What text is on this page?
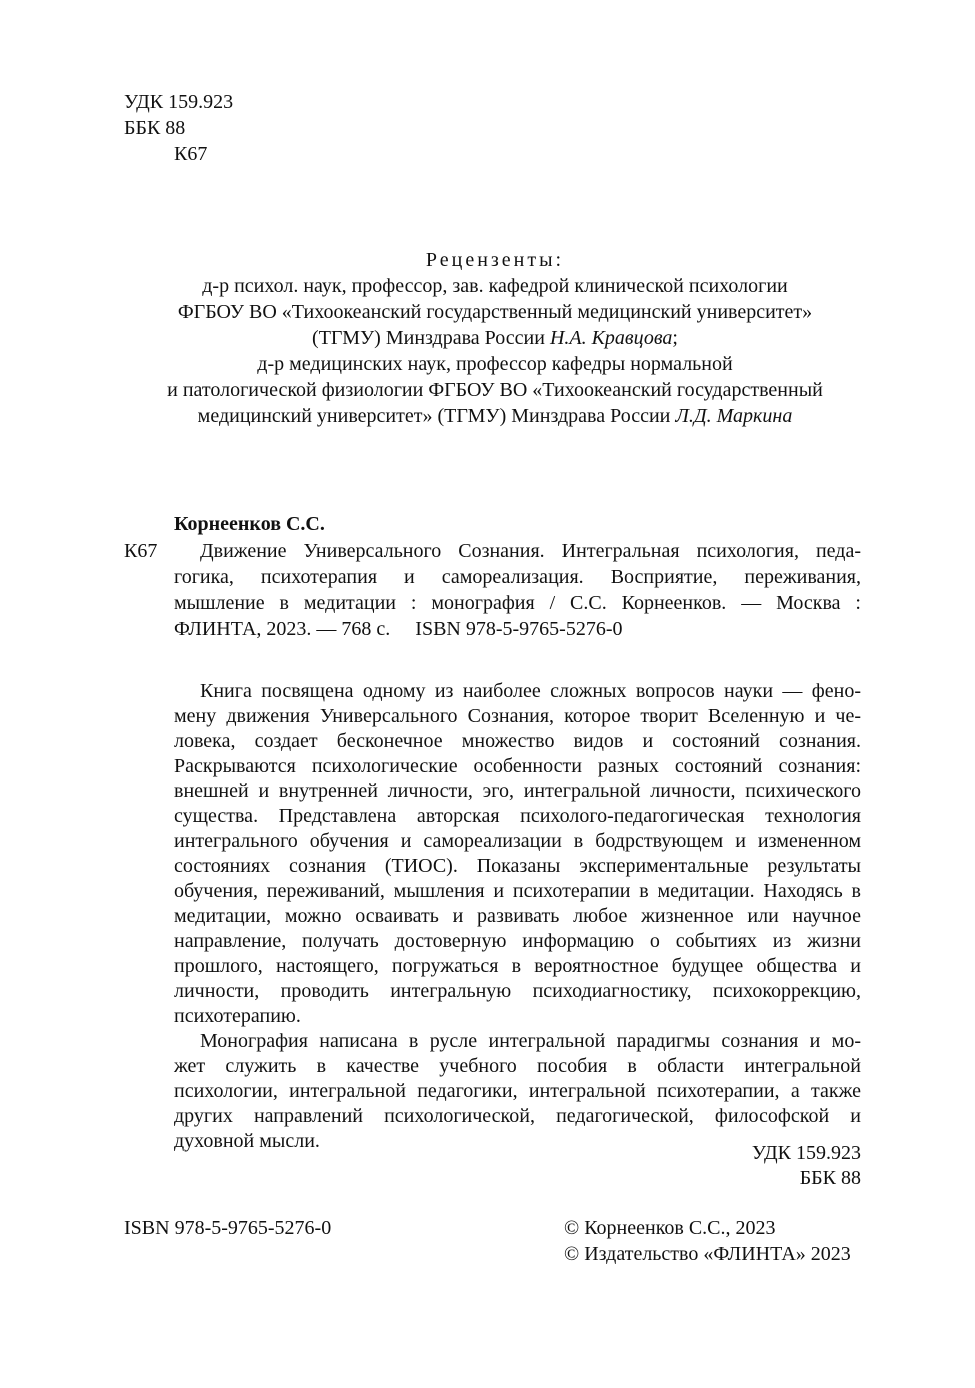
УДК 159.923
ББК 88
К67
Рецензенты:
д-р психол. наук, профессор, зав. кафедрой клинической психологии
ФГБОУ ВО «Тихоокеанский государственный медицинский университет»
(ТГМУ) Минздрава России Н.А. Кравцова;
д-р медицинских наук, профессор кафедры нормальной
и патологической физиологии ФГБОУ ВО «Тихоокеанский государственный
медицинский университет» (ТГМУ) Минздрава России Л.Д. Маркина
Корнеенков С.С.
К67	Движение Универсального Сознания. Интегральная психология, педа-
гогика, психотерапия и самореализация. Восприятие, переживания,
мышление в медитации : монография / С.С. Корнеенков. — Москва :
ФЛИНТА, 2023. — 768 с.     ISBN 978-5-9765-5276-0
Книга посвящена одному из наиболее сложных вопросов науки — фено-
мену движения Универсального Сознания, которое творит Вселенную и че-
ловека, создает бесконечное множество видов и состояний сознания.
Раскрываются психологические особенности разных состояний сознания:
внешней и внутренней личности, эго, интегральной личности, психического
существа. Представлена авторская психолого-педагогическая технология
интегрального обучения и самореализации в бодрствующем и измененном
состояниях сознания (ТИОС). Показаны экспериментальные результаты
обучения, переживаний, мышления и психотерапии в медитации. Находясь в
медитации, можно осваивать и развивать любое жизненное или научное
направление, получать достоверную информацию о событиях из жизни
прошлого, настоящего, погружаться в вероятностное будущее общества и
личности, проводить интегральную психодиагностику, психокоррекцию,
психотерапию.
Монография написана в русле интегральной парадигмы сознания и мо-
жет служить в качестве учебного пособия в области интегральной
психологии, интегральной педагогики, интегральной психотерапии, а также
других направлений психологической, педагогической, философской и
духовной мысли.
УДК 159.923
ББК 88
ISBN 978-5-9765-5276-0	© Корнеенков С.С., 2023
© Издательство «ФЛИНТА» 2023
